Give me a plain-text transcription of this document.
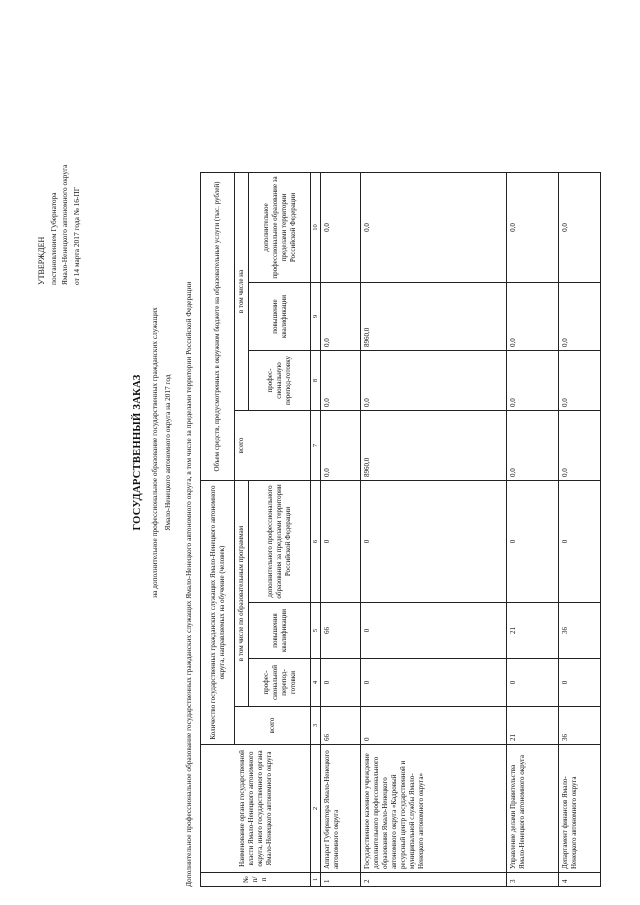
УТВЕРЖДЕН постановлением Губернатора Ямало-Ненецкого автономного округа от 14 марта 2017 года № 16-ПГ
ГОСУДАРСТВЕННЫЙ ЗАКАЗ на дополнительное профессиональное образование государственных гражданских служащих Ямало-Ненецкого автономного округа на 2017 год Дополнительное профессиональное образование государственных гражданских служащих Ямало-Ненецкого автономного округа, в том числе за пределами территории Российской Федерации	№ п/п	Наименование органа государственной власти Ямало-Ненецкого автономного округа, иного государственного органа Ямало-Ненецкого автономного округа	Количество государственных гражданских служащих Ямало-Ненецкого автономного округа, направляемых на обучение (человек)				Объем средств, предусмотренных в окружном бюджете на образовательные услуги (тыс. рублей)			
		всего	в том числе по образовательным программам			всего	в том числе на		
			профес-сиональной перепод-готовки	повышения квалификации	дополнительного профессионального образования за пределами территории Российской Федерации		профес-сиональную перепод-готовку	повышение квалификации	дополнительное профессиональное образование за пределами территории Российской Федерации
1	2	3	4	5	6	7	8	9	10
1	Аппарат Губернатора Ямало-Ненецкого автономного округа	66	0	66	0	0,0	0,0	0,0	0,0
2	Государственное казенное учреждение дополнительного профессионального образования Ямало-Ненецкого автономного округа «Кадровый ресурсный центр государственной и муниципальной службы Ямало-Ненецкого автономного округа»	0	0	0	0	8960,0	0,0	8960,0	0,0
3	Управление делами Правительства Ямало-Ненецкого автономного округа	21	0	21	0	0,0	0,0	0,0	0,0
4	Департамент финансов Ямало-Ненецкого автономного округа	36	0	36	0	0,0	0,0	0,0	0,0
